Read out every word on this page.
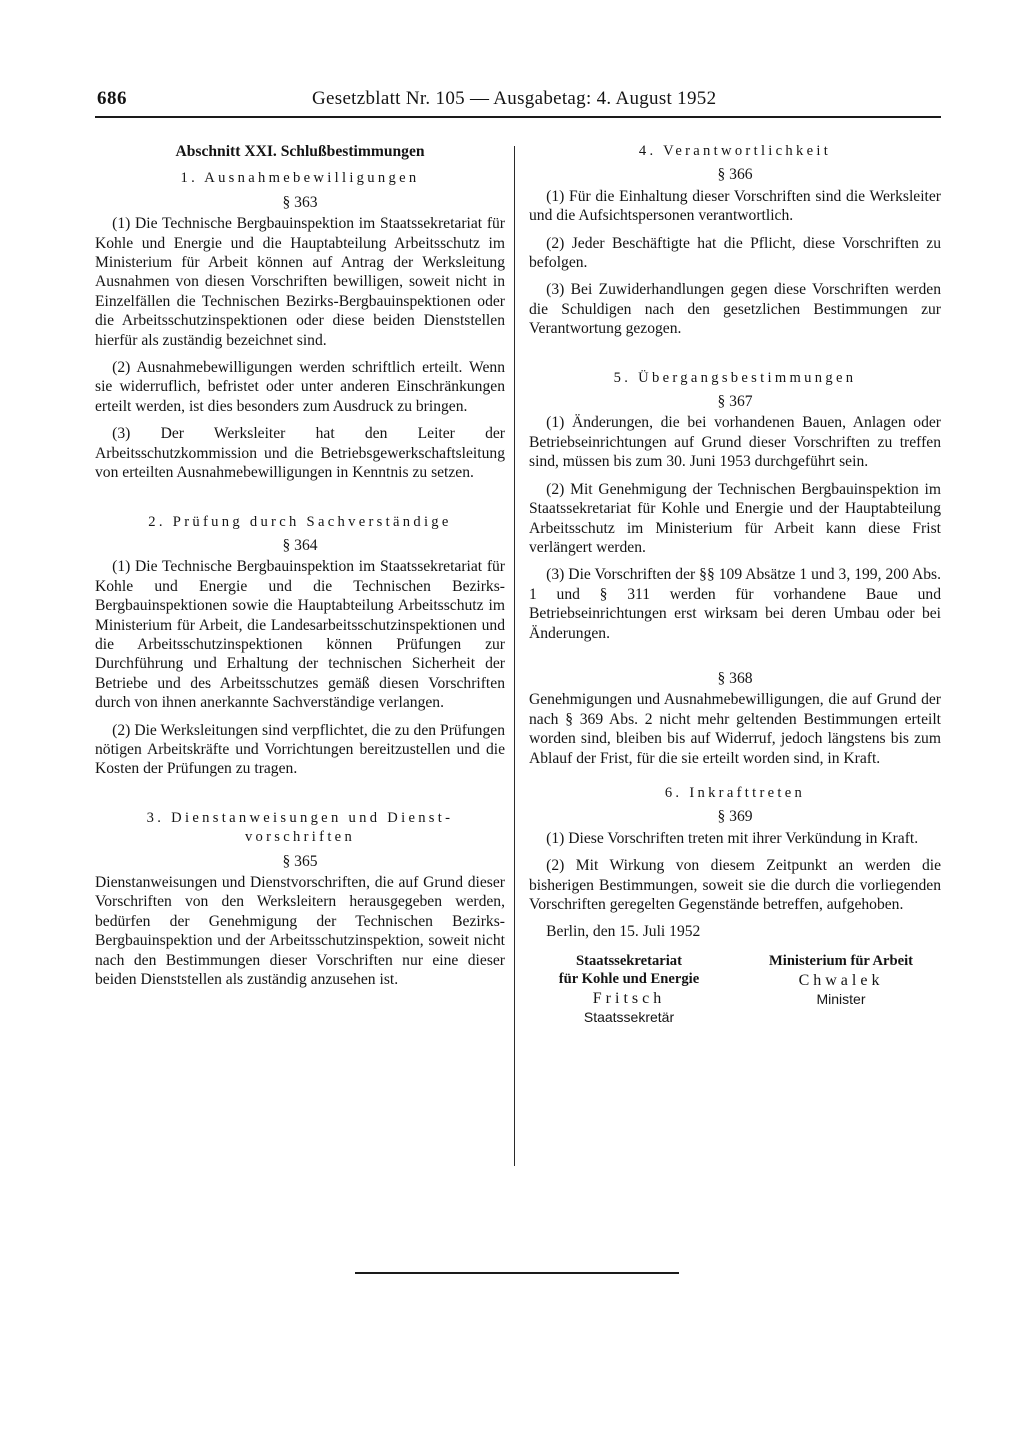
686	Gesetzblatt Nr. 105 — Ausgabetag: 4. August 1952
Abschnitt XXI. Schlußbestimmungen
1. Ausnahmebewilligungen
§ 363

(1) Die Technische Bergbauinspektion im Staatssekretariat für Kohle und Energie und die Hauptabteilung Arbeitsschutz im Ministerium für Arbeit können auf Antrag der Werksleitung Ausnahmen von diesen Vorschriften bewilligen, soweit nicht in Einzelfällen die Technischen Bezirks-Bergbauinspektionen oder die Arbeitsschutzinspektionen oder diese beiden Dienststellen hierfür als zuständig bezeichnet sind.

(2) Ausnahmebewilligungen werden schriftlich erteilt. Wenn sie widerruflich, befristet oder unter anderen Einschränkungen erteilt werden, ist dies besonders zum Ausdruck zu bringen.

(3) Der Werksleiter hat den Leiter der Arbeitsschutzkommission und die Betriebsgewerkschaftsleitung von erteilten Ausnahmebewilligungen in Kenntnis zu setzen.

2. Prüfung durch Sachverständige
§ 364

(1) Die Technische Bergbauinspektion im Staatssekretariat für Kohle und Energie und die Technischen Bezirks-Bergbauinspektionen sowie die Hauptabteilung Arbeitsschutz im Ministerium für Arbeit, die Landesarbeitsschutzinspektionen und die Arbeitsschutzinspektionen können Prüfungen zur Durchführung und Erhaltung der technischen Sicherheit der Betriebe und des Arbeitsschutzes gemäß diesen Vorschriften durch von ihnen anerkannte Sachverständige verlangen.

(2) Die Werksleitungen sind verpflichtet, die zu den Prüfungen nötigen Arbeitskräfte und Vorrichtungen bereitzustellen und die Kosten der Prüfungen zu tragen.

3. Dienstanweisungen und Dienst-
vorschriften
§ 365

Dienstanweisungen und Dienstvorschriften, die auf Grund dieser Vorschriften von den Werksleitern herausgegeben werden, bedürfen der Genehmigung der Technischen Bezirks-Bergbauinspektion und der Arbeitsschutzinspektion, soweit nicht nach den Bestimmungen dieser Vorschriften nur eine dieser beiden Dienststellen als zuständig anzusehen ist.

4. Verantwortlichkeit
§ 366

(1) Für die Einhaltung dieser Vorschriften sind die Werksleiter und die Aufsichtspersonen verantwortlich.

(2) Jeder Beschäftigte hat die Pflicht, diese Vorschriften zu befolgen.

(3) Bei Zuwiderhandlungen gegen diese Vorschriften werden die Schuldigen nach den gesetzlichen Bestimmungen zur Verantwortung gezogen.

5. Übergangsbestimmungen
§ 367

(1) Änderungen, die bei vorhandenen Bauen, Anlagen oder Betriebseinrichtungen auf Grund dieser Vorschriften zu treffen sind, müssen bis zum 30. Juni 1953 durchgeführt sein.

(2) Mit Genehmigung der Technischen Bergbauinspektion im Staatssekretariat für Kohle und Energie und der Hauptabteilung Arbeitsschutz im Ministerium für Arbeit kann diese Frist verlängert werden.

(3) Die Vorschriften der §§ 109 Absätze 1 und 3, 199, 200 Abs. 1 und § 311 werden für vorhandene Baue und Betriebseinrichtungen erst wirksam bei deren Umbau oder bei Änderungen.

§ 368

Genehmigungen und Ausnahmebewilligungen, die auf Grund der nach § 369 Abs. 2 nicht mehr geltenden Bestimmungen erteilt worden sind, bleiben bis auf Widerruf, jedoch längstens bis zum Ablauf der Frist, für die sie erteilt worden sind, in Kraft.

6. Inkrafttreten
§ 369

(1) Diese Vorschriften treten mit ihrer Verkündung in Kraft.

(2) Mit Wirkung von diesem Zeitpunkt an werden die bisherigen Bestimmungen, soweit sie die durch die vorliegenden Vorschriften geregelten Gegenstände betreffen, aufgehoben.

Berlin, den 15. Juli 1952
Staatssekretariat
für Kohle und Energie
Fritsch
Staatssekretär
Ministerium für Arbeit
Chwalek
Minister
